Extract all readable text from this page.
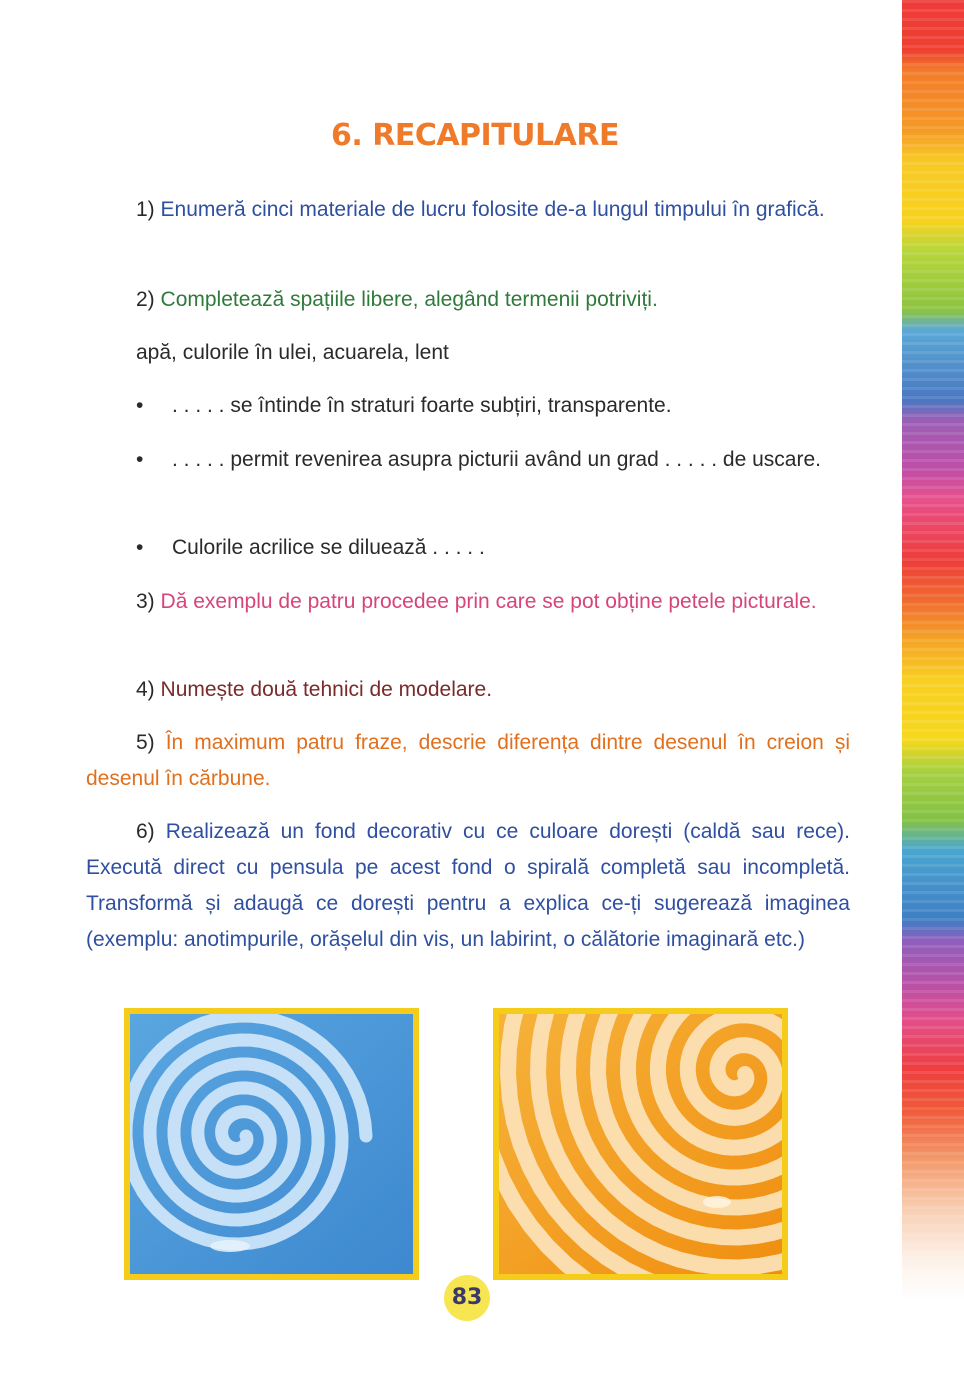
6. RECAPITULARE
1) Enumeră cinci materiale de lucru folosite de-a lungul timpului în grafică.
2) Completează spațiile libere, alegând termenii potriviți.
apă, culorile în ulei, acuarela, lent
• . . . . . se întinde în straturi foarte subțiri, transparente.
• . . . . . permit revenirea asupra picturii având un grad . . . . . de uscare.
• Culorile acrilice se diluează . . . . .
3) Dă exemplu de patru procedee prin care se pot obține petele picturale.
4) Numește două tehnici de modelare.
5) În maximum patru fraze, descrie diferența dintre desenul în creion și desenul în cărbune.
6) Realizează un fond decorativ cu ce culoare dorești (caldă sau rece). Execută direct cu pensula pe acest fond o spirală completă sau incompletă. Transformă și adaugă ce dorești pentru a explica ce-ți sugerează imaginea (exemplu: anotimpurile, orășelul din vis, un labirint, o călătorie imaginară etc.)
83
